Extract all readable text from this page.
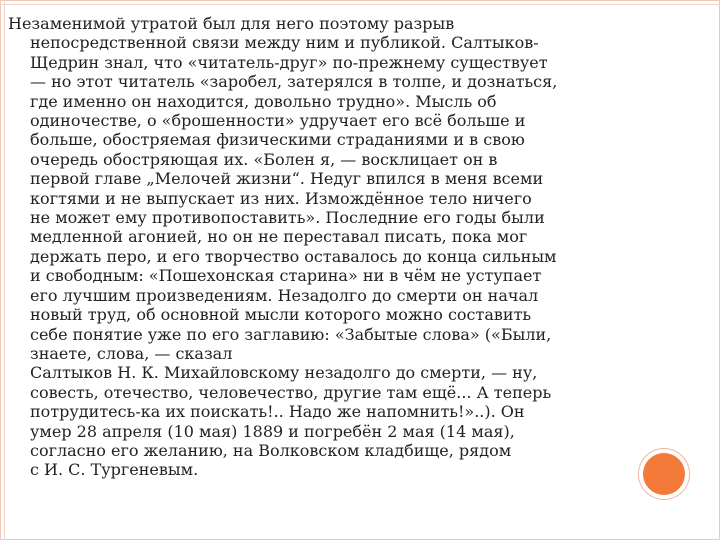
Незаменимой утратой был для него поэтому разрыв
непосредственной связи между ним и публикой. Салтыков-
Щедрин знал, что «читатель-друг» по-прежнему существует
— но этот читатель «заробел, затерялся в толпе, и дознаться,
где именно он находится, довольно трудно». Мысль об
одиночестве, о «брошенности» удручает его всё больше и
больше, обостряемая физическими страданиями и в свою
очередь обостряющая их. «Болен я, — восклицает он в
первой главе „Мелочей жизни“. Недуг впился в меня всеми
когтями и не выпускает из них. Измождённое тело ничего
не может ему противопоставить». Последние его годы были
медленной агонией, но он не переставал писать, пока мог
держать перо, и его творчество оставалось до конца сильным
и свободным: «Пошехонская старина» ни в чём не уступает
его лучшим произведениям. Незадолго до смерти он начал
новый труд, об основной мысли которого можно составить
себе понятие уже по его заглавию: «Забытые слова» («Были,
знаете, слова, — сказал
Салтыков Н. К. Михайловскому незадолго до смерти, — ну,
совесть, отечество, человечество, другие там ещё... А теперь
потрудитесь-ка их поискать!.. Надо же напомнить!»..). Он
умер 28 апреля (10 мая) 1889 и погребён 2 мая (14 мая),
согласно его желанию, на Волковском кладбище, рядом
с И. С. Тургеневым.
